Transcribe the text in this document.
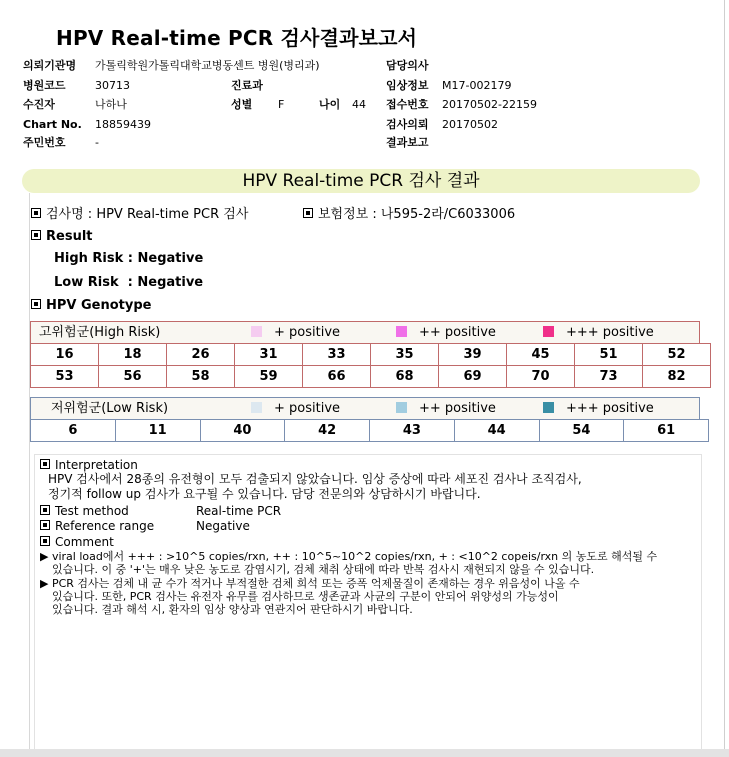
HPV Real-time PCR 검사결과보고서
의뢰기관명 가톨릭학원가톨릭대학교병동센트 병원(병리과)	담당의사
병원코드	30713	진료과	임상정보 M17-002179
수진자	나하나	성별 F	나이 44 접수번호 20170502-22159
Chart No. 18859439	검사의뢰 20170502
주민번호	-	결과보고
HPV Real-time PCR 검사 결과
검사명 : HPV Real-time PCR 검사	보험정보 : 나595-2라/C6033006
Result
High Risk : Negative
Low Risk  : Negative
HPV Genotype
고위험군(High Risk)	+ positive	++ positive	+++ positive
16	18	26	31	33	35	39	45	51	52
53	56	58	59	66	68	69	70	73	82
저위험군(Low Risk)	+ positive	++ positive	+++ positive
6	11	40	42	43	44	54	61
Interpretation
HPV 검사에서 28종의 유전형이 모두 검출되지 않았습니다. 임상 증상에 따라 세포진 검사나 조직검사,
정기적 follow up 검사가 요구될 수 있습니다. 담당 전문의와 상담하시기 바랍니다.
Test method	Real-time PCR
Reference range	Negative
Comment
▶ viral load에서 +++ : >10^5 copies/rxn, ++ : 10^5~10^2 copies/rxn, + : <10^2 copeis/rxn 의 농도로 해석될 수
있습니다. 이 중 '+'는 매우 낮은 농도로 감염시기, 검체 채취 상태에 따라 반복 검사시 재현되지 않을 수 있습니다.
▶ PCR 검사는 검체 내 균 수가 적거나 부적절한 검체 희석 또는 증폭 억제물질이 존재하는 경우 위음성이 나올 수
있습니다. 또한, PCR 검사는 유전자 유무를 검사하므로 생존균과 사균의 구분이 안되어 위양성의 가능성이
있습니다. 결과 해석 시, 환자의 임상 양상과 연관지어 판단하시기 바랍니다.
